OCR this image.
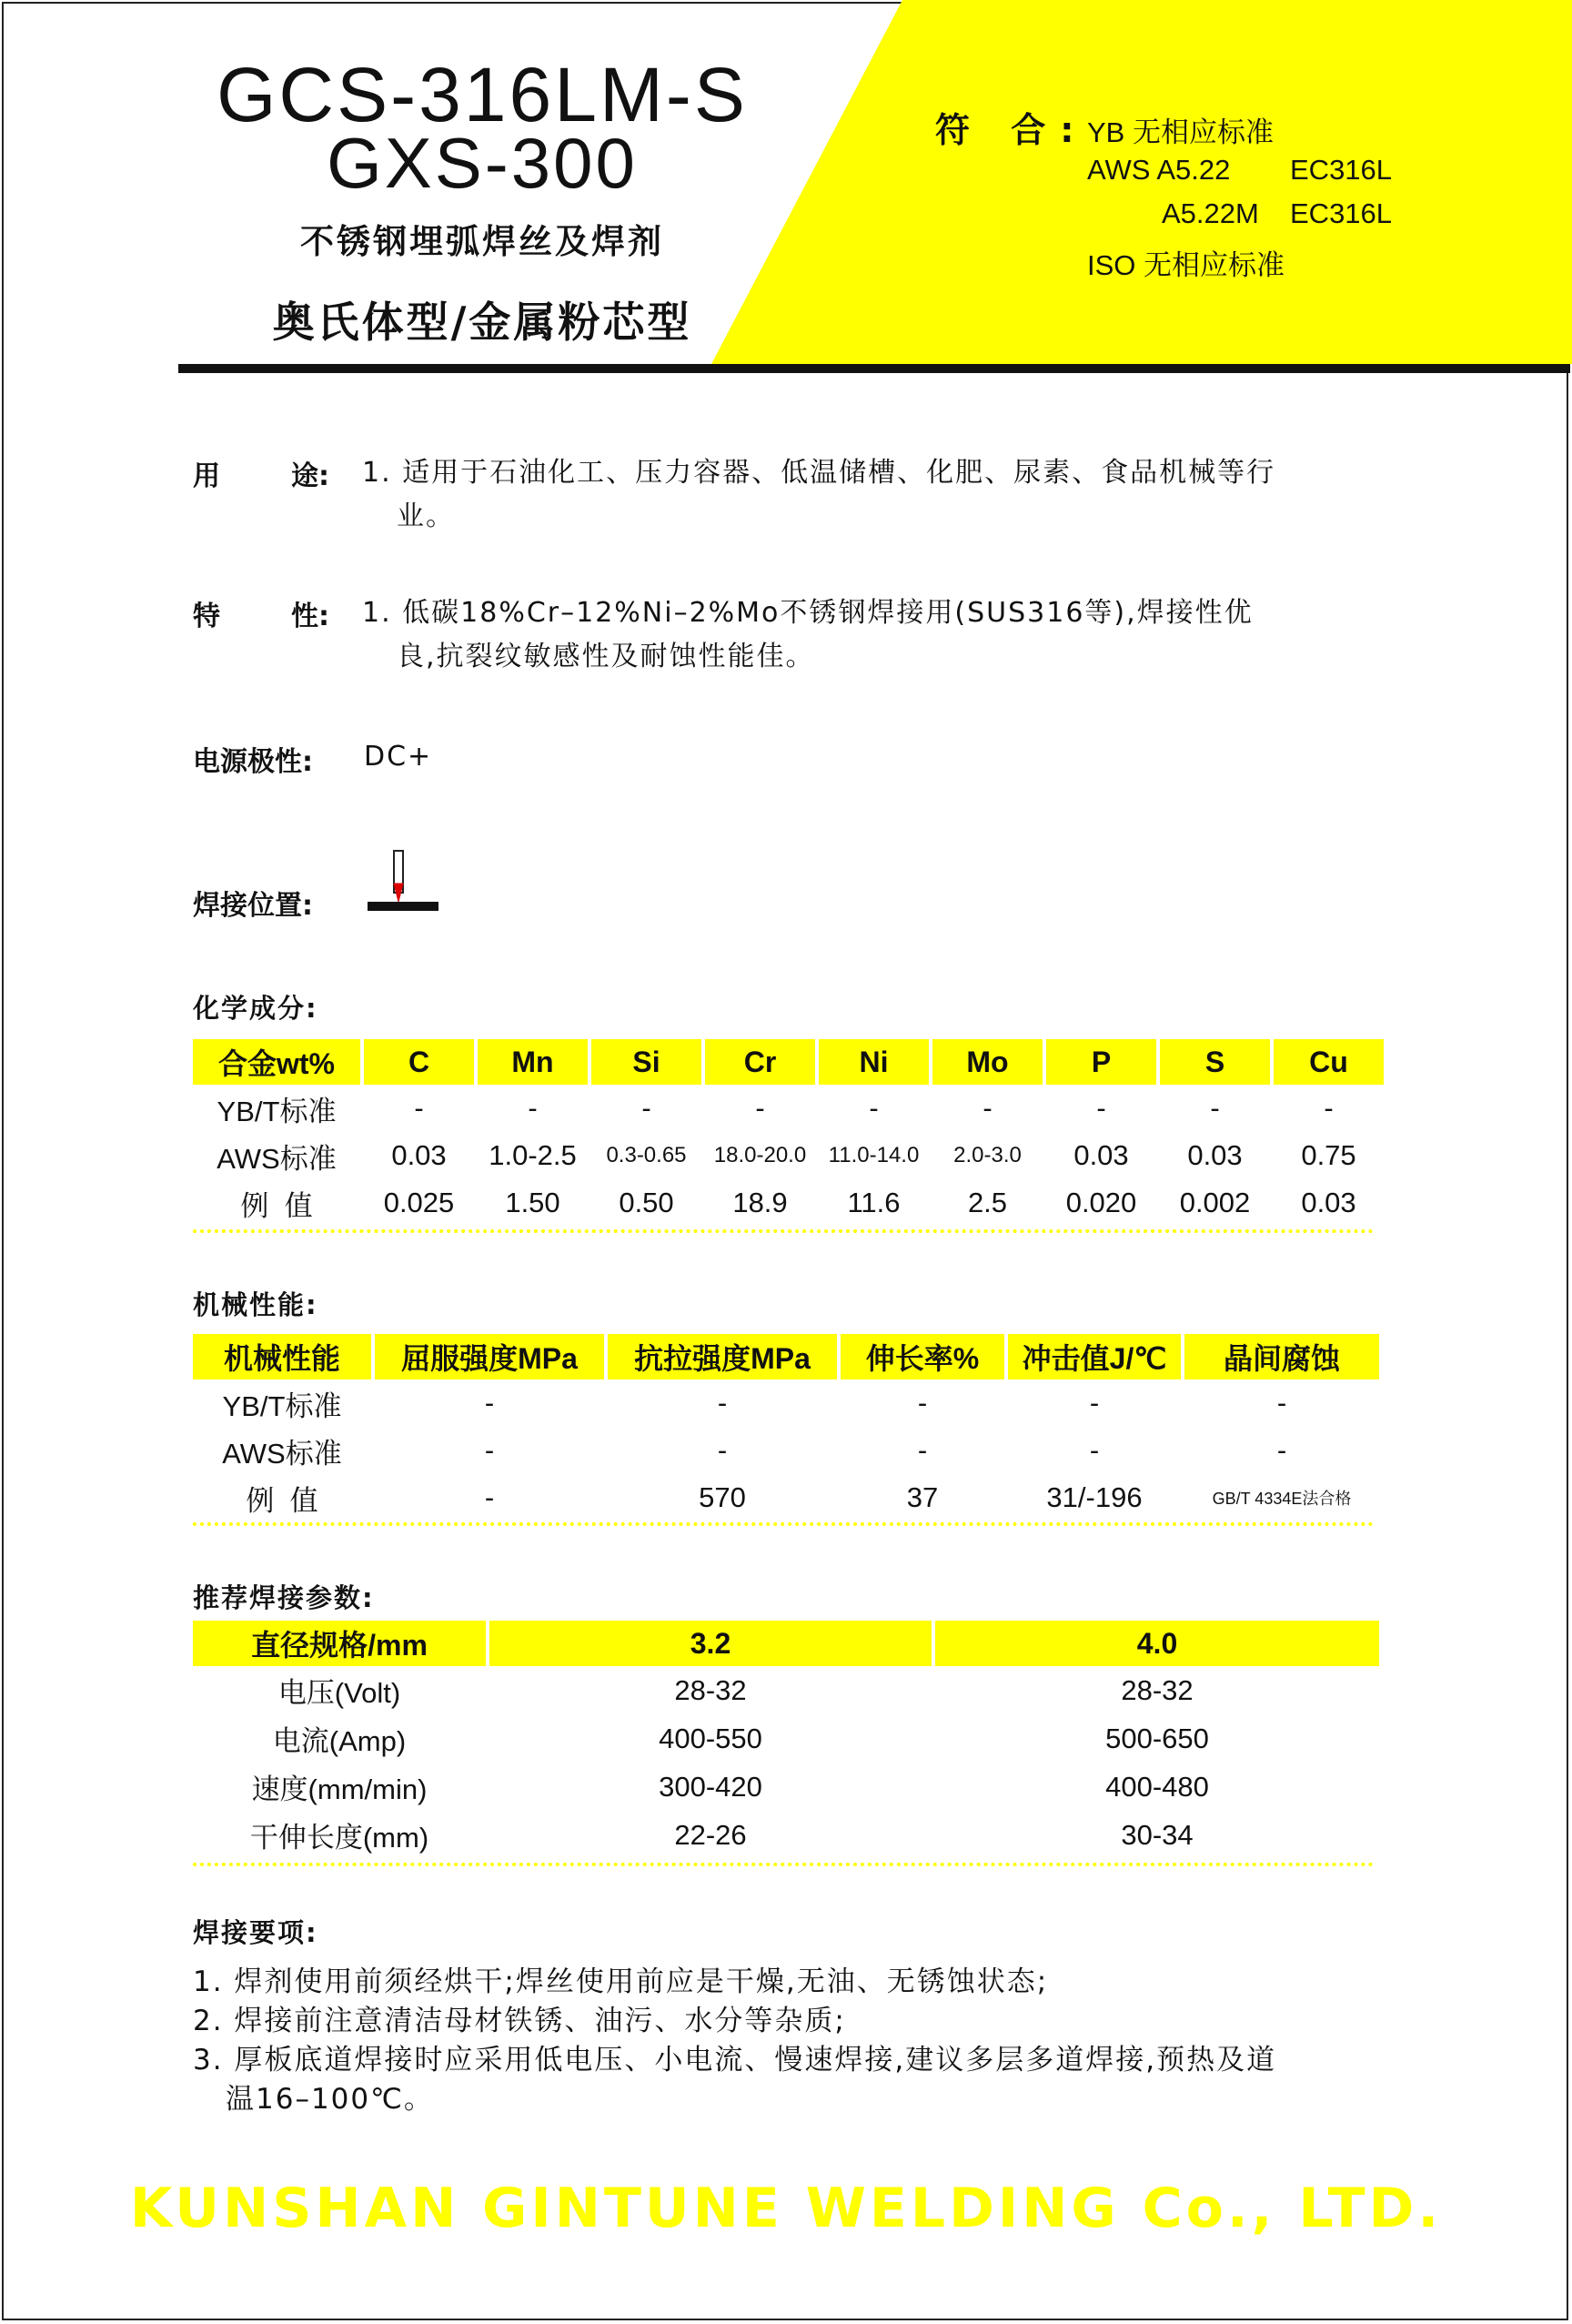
GCS-316LM-S
GXS-300
不锈钢埋弧焊丝及焊剂
奥氏体型/金属粉芯型
符 合:
YB 无相应标准
AWS A5.22 EC316L
A5.22M EC316L
ISO 无相应标准
用	途: 1. 适用于石油化工、压力容器、低温储槽、化肥、尿素、食品机械等行
业。
特	性: 1. 低碳18%Cr–12%Ni–2%Mo不锈钢焊接用(SUS316等),焊接性优
良,抗裂纹敏感性及耐蚀性能佳。
电源极性: DC+
焊接位置:
化学成分:
合金wt%	C	Mn	Si	Cr	Ni	Mo	P	S	Cu
YB/T标准	-	-	-	-	-	-	-	-	-
AWS标准	0.03	1.0-2.5	0.3-0.65	18.0-20.0	11.0-14.0	2.0-3.0	0.03	0.03	0.75
例  值	0.025	1.50	0.50	18.9	11.6	2.5	0.020	0.002	0.03
机械性能:
机械性能	屈服强度MPa	抗拉强度MPa	伸长率%	冲击值J/℃	晶间腐蚀
YB/T标准	-	-	-	-	-
AWS标准	-	-	-	-	-
例  值	-	570	37	31/-196	GB/T 4334E法合格
推荐焊接参数:
直径规格/mm	3.2	4.0
电压(Volt)	28-32	28-32
电流(Amp)	400-550	500-650
速度(mm/min)	300-420	400-480
干伸长度(mm)	22-26	30-34
焊接要项:
1. 焊剂使用前须经烘干;焊丝使用前应是干燥,无油、无锈蚀状态;
2. 焊接前注意清洁母材铁锈、油污、水分等杂质;
3. 厚板底道焊接时应采用低电压、小电流、慢速焊接,建议多层多道焊接,预热及道
温16–100℃。
KUNSHAN GINTUNE WELDING Co., LTD.
